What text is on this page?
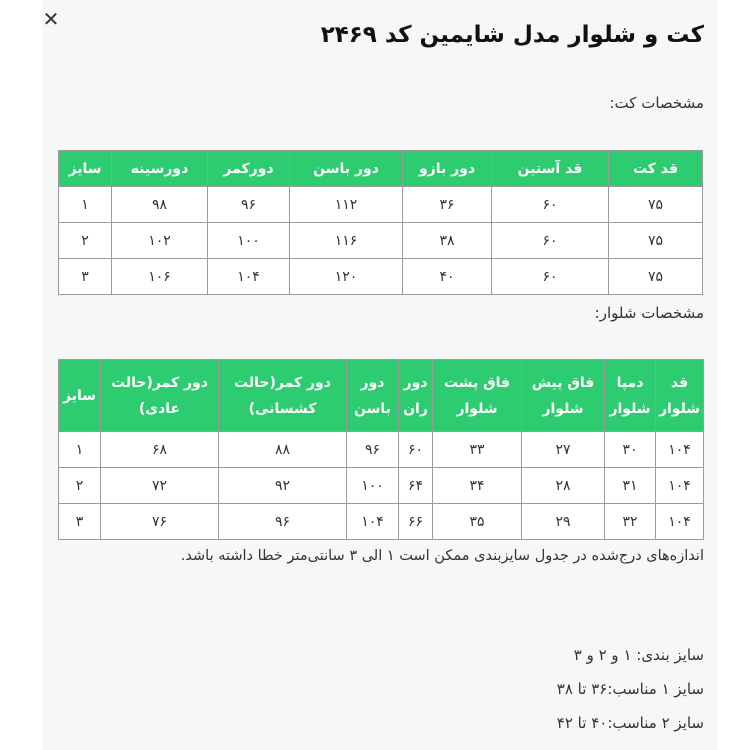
✕
کت و شلوار مدل شایمین کد ۲۴۶۹
مشخصات کت:
قد کت	قد آستین	دور بازو	دور باسن	دورکمر	دورسینه	سایز
۷۵	۶۰	۳۶	۱۱۲	۹۶	۹۸	۱
۷۵	۶۰	۳۸	۱۱۶	۱۰۰	۱۰۲	۲
۷۵	۶۰	۴۰	۱۲۰	۱۰۴	۱۰۶	۳
مشخصات شلوار:
قد شلوار	دمپا شلوار	فاق پیش شلوار	فاق پشت شلوار	دور ران	دور باسن	دور کمر(حالت کشسانی)	دور کمر(حالت عادی)	سایز
۱۰۴	۳۰	۲۷	۳۳	۶۰	۹۶	۸۸	۶۸	۱
۱۰۴	۳۱	۲۸	۳۴	۶۴	۱۰۰	۹۲	۷۲	۲
۱۰۴	۳۲	۲۹	۳۵	۶۶	۱۰۴	۹۶	۷۶	۳
اندازه‌های درج‌شده در جدول سایزبندی ممکن است ۱ الی ۳ سانتی‌متر خطا داشته باشد.
سایز بندی: ۱ و ۲ و ۳
سایز ۱ مناسب:۳۶ تا ۳۸
سایز ۲ مناسب:۴۰ تا ۴۲
